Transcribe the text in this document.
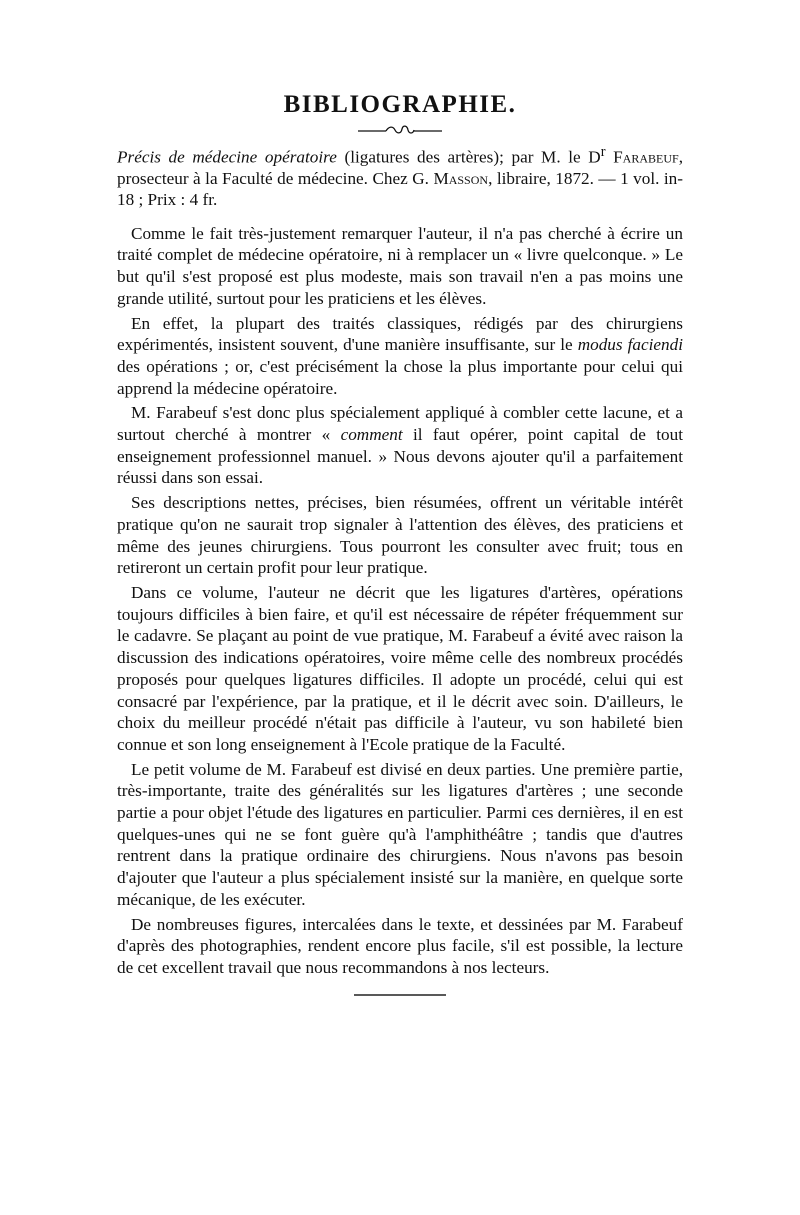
BIBLIOGRAPHIE.

Précis de médecine opératoire (ligatures des artères); par M. le $D^r$ Farabeuf, prosecteur à la Faculté de médecine. Chez G. Masson, libraire, 1872. — 1 vol. in-18 ; Prix : 4 fr.

Comme le fait très-justement remarquer l'auteur, il n'a pas cherché à écrire un traité complet de médecine opératoire, ni à remplacer un « livre quelconque. » Le but qu'il s'est proposé est plus modeste, mais son travail n'en a pas moins une grande utilité, surtout pour les praticiens et les élèves.

En effet, la plupart des traités classiques, rédigés par des chirurgiens expérimentés, insistent souvent, d'une manière insuffisante, sur le modus faciendi des opérations ; or, c'est précisément la chose la plus importante pour celui qui apprend la médecine opératoire.

M. Farabeuf s'est donc plus spécialement appliqué à combler cette lacune, et a surtout cherché à montrer « comment il faut opérer, point capital de tout enseignement professionnel manuel. » Nous devons ajouter qu'il a parfaitement réussi dans son essai.

Ses descriptions nettes, précises, bien résumées, offrent un véritable intérêt pratique qu'on ne saurait trop signaler à l'attention des élèves, des praticiens et même des jeunes chirurgiens. Tous pourront les consulter avec fruit; tous en retireront un certain profit pour leur pratique.

Dans ce volume, l'auteur ne décrit que les ligatures d'artères, opérations toujours difficiles à bien faire, et qu'il est nécessaire de répéter fréquemment sur le cadavre. Se plaçant au point de vue pratique, M. Farabeuf a évité avec raison la discussion des indications opératoires, voire même celle des nombreux procédés proposés pour quelques ligatures difficiles. Il adopte un procédé, celui qui est consacré par l'expérience, par la pratique, et il le décrit avec soin. D'ailleurs, le choix du meilleur procédé n'était pas difficile à l'auteur, vu son habileté bien connue et son long enseignement à l'Ecole pratique de la Faculté.

Le petit volume de M. Farabeuf est divisé en deux parties. Une première partie, très-importante, traite des généralités sur les ligatures d'artères ; une seconde partie a pour objet l'étude des ligatures en particulier. Parmi ces dernières, il en est quelques-unes qui ne se font guère qu'à l'amphithéâtre ; tandis que d'autres rentrent dans la pratique ordinaire des chirurgiens. Nous n'avons pas besoin d'ajouter que l'auteur a plus spécialement insisté sur la manière, en quelque sorte mécanique, de les exécuter.

De nombreuses figures, intercalées dans le texte, et dessinées par M. Farabeuf d'après des photographies, rendent encore plus facile, s'il est possible, la lecture de cet excellent travail que nous recommandons à nos lecteurs.
